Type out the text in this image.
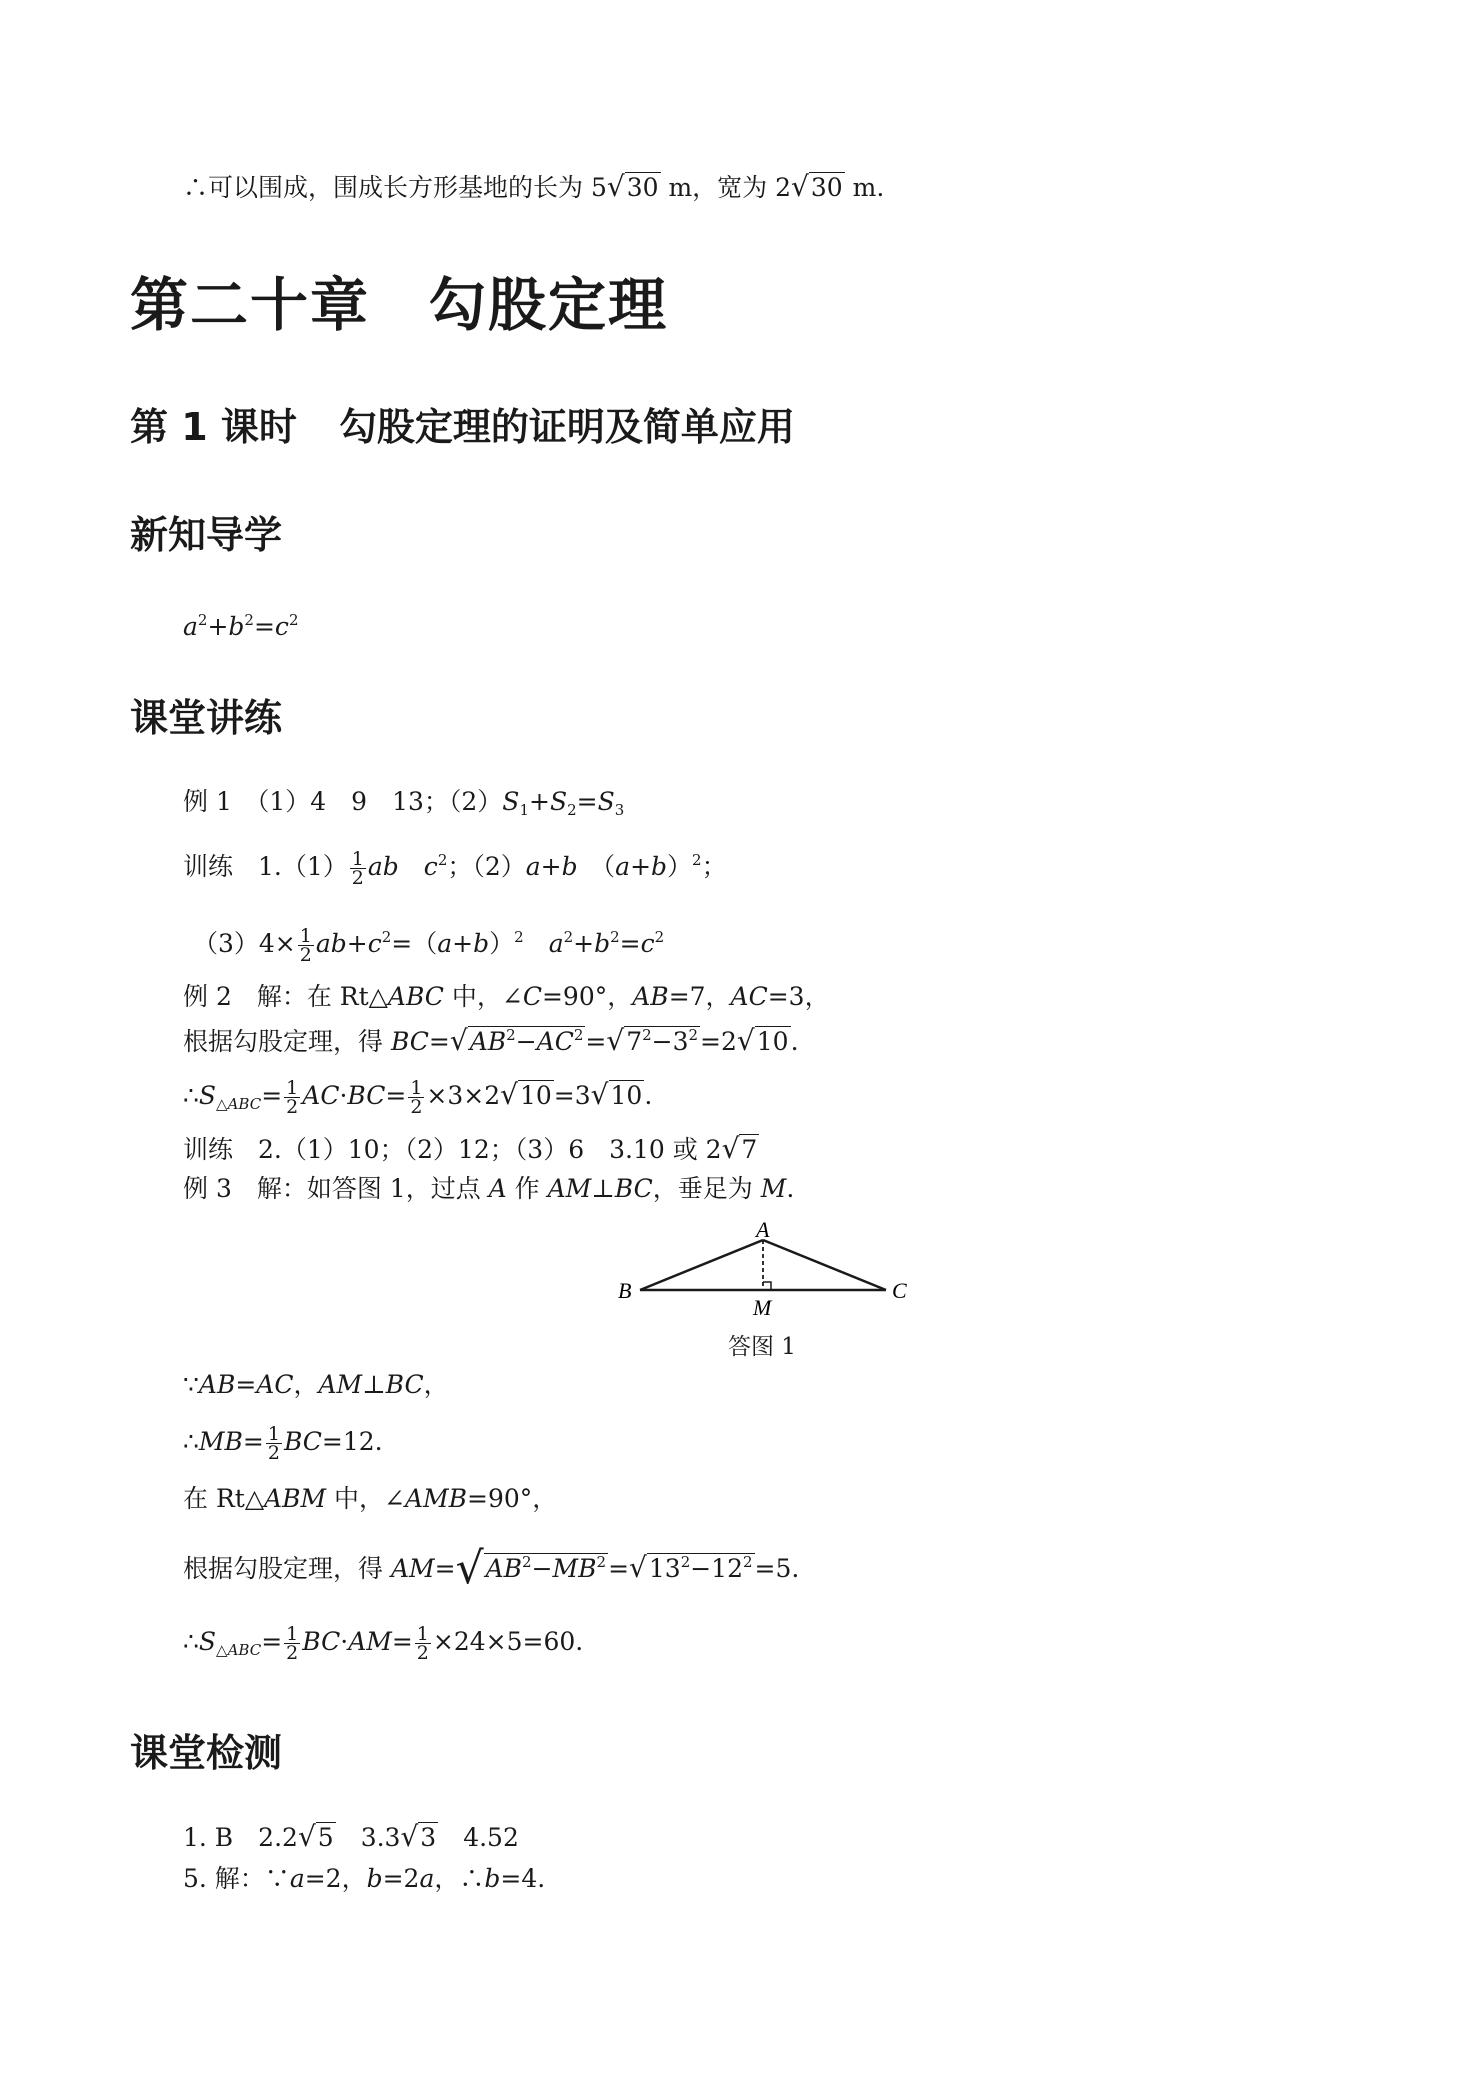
∴可以围成，围成长方形基地的长为 5√30 m，宽为 2√30 m.
第二十章 勾股定理
第 1 课时 勾股定理的证明及简单应用
新知导学
$a^2+b^2=c^2$
课堂讲练
例 1　（1）4　9　13；$(2)S_1+S_2=S_3$
训练　$1.(1) \frac{1}{2}$ ab　 $c^2$；（2）a+b　$(a+b)^2$；
$(3)4\times \frac{1}{2} ab+c^2=(a+b)^2$　 $a^2+b^2=c^2$
例 2　解：在 Rt△ABC 中，∠C=90°，AB=7，AC=3，
根据勾股定理，得 $BC=√AB^2-AC^2=√7^2-3^2=2√10$.
$\therefore S_{\triangle ABC}= \frac{1}{2} AC\cdot BC= \frac{1}{2} \times 3\times 2√10=3√10$.
训练　2.（1）10；（2）12；（3）6　3.10 或 2√7
例 3　解：如答图 1，过点 A 作 AM⊥BC，垂足为 M.
A
B	C
M
答图 1
∵AB=AC，AM⊥BC，
∴MB= $\frac{1}{2} BC=12$.
在 Rt△ABM 中，∠AMB=90°，
根据勾股定理，得 $AM=√AB^2-MB^2=√13^2-12^2=5$.
$\therefore S_{\triangle ABC}= \frac{1}{2} BC\cdot AM= \frac{1}{2} \times 24\times 5=60$.
课堂检测
1. B　2.2√5　3.3√3　4.52
5. 解：∵a=2，b=2a，∴b=4.
